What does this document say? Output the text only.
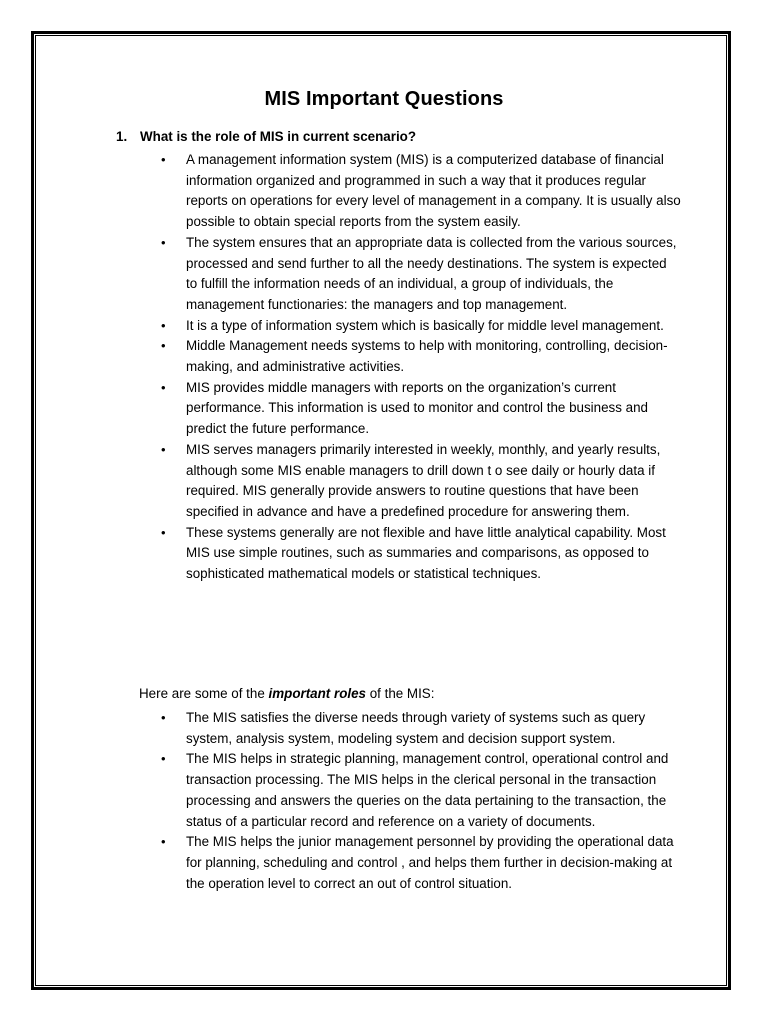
MIS Important Questions
1. What is the role of MIS in current scenario?
• A management information system (MIS) is a computerized database of financial information organized and programmed in such a way that it produces regular reports on operations for every level of management in a company. It is usually also possible to obtain special reports from the system easily.
• The system ensures that an appropriate data is collected from the various sources, processed and send further to all the needy destinations. The system is expected to fulfill the information needs of an individual, a group of individuals, the management functionaries: the managers and top management.
• It is a type of information system which is basically for middle level management.
• Middle Management needs systems to help with monitoring, controlling, decision-making, and administrative activities.
• MIS provides middle managers with reports on the organization’s current performance. This information is used to monitor and control the business and predict the future performance.
• MIS serves managers primarily interested in weekly, monthly, and yearly results, although some MIS enable managers to drill down t o see daily or hourly data if required. MIS generally provide answers to routine questions that have been specified in advance and have a predefined procedure for answering them.
• These systems generally are not flexible and have little analytical capability. Most MIS use simple routines, such as summaries and comparisons, as opposed to sophisticated mathematical models or statistical techniques.
Here are some of the important roles of the MIS:
• The MIS satisfies the diverse needs through variety of systems such as query system, analysis system, modeling system and decision support system.
• The MIS helps in strategic planning, management control, operational control and transaction processing. The MIS helps in the clerical personal in the transaction processing and answers the queries on the data pertaining to the transaction, the status of a particular record and reference on a variety of documents.
• The MIS helps the junior management personnel by providing the operational data for planning, scheduling and control , and helps them further in decision-making at the operation level to correct an out of control situation.
